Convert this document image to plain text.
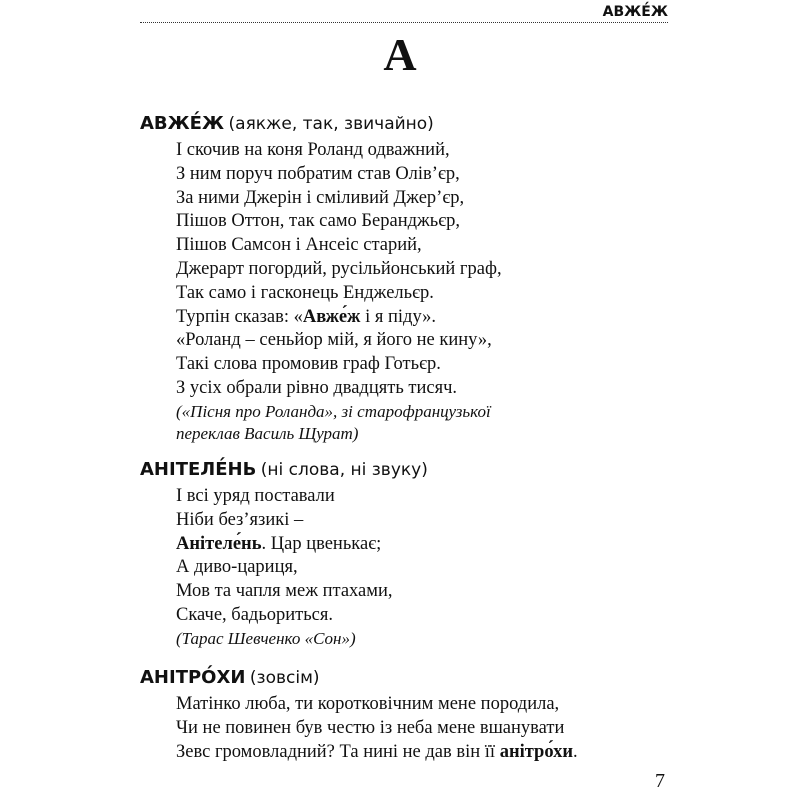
АВЖЕ́Ж
А
АВЖЕ́Ж (аякже, так, звичайно)
І скочив на коня Роланд одважний,
З ним поруч побратим став Олів’єр,
За ними Джерін і сміливий Джер’єр,
Пішов Оттон, так само Беранджьєр,
Пішов Самсон і Ансеіс старий,
Джерарт погордий, русільйонський граф,
Так само і гасконець Енджельєр.
Турпін сказав: «Авже́ж і я піду».
«Роланд – сеньйор мій, я його не кину»,
Такі слова промовив граф Готьєр.
З усіх обрали рівно двадцять тисяч.
(«Пісня про Роланда», зі старофранцузької
переклав Василь Щурат)
АНІТЕЛЕ́НЬ (ні слова, ні звуку)
І всі уряд поставали
Ніби без’язикі –
Анітеле́нь. Цар цвенькає;
А диво-цариця,
Мов та чапля меж птахами,
Скаче, бадьориться.
(Тарас Шевченко «Сон»)
АНІТРО́ХИ (зовсім)
Матінко люба, ти коротковічним мене породила,
Чи не повинен був честю із неба мене вшанувати
Зевс громовладний? Та нині не дав він її анітро́хи.
7
